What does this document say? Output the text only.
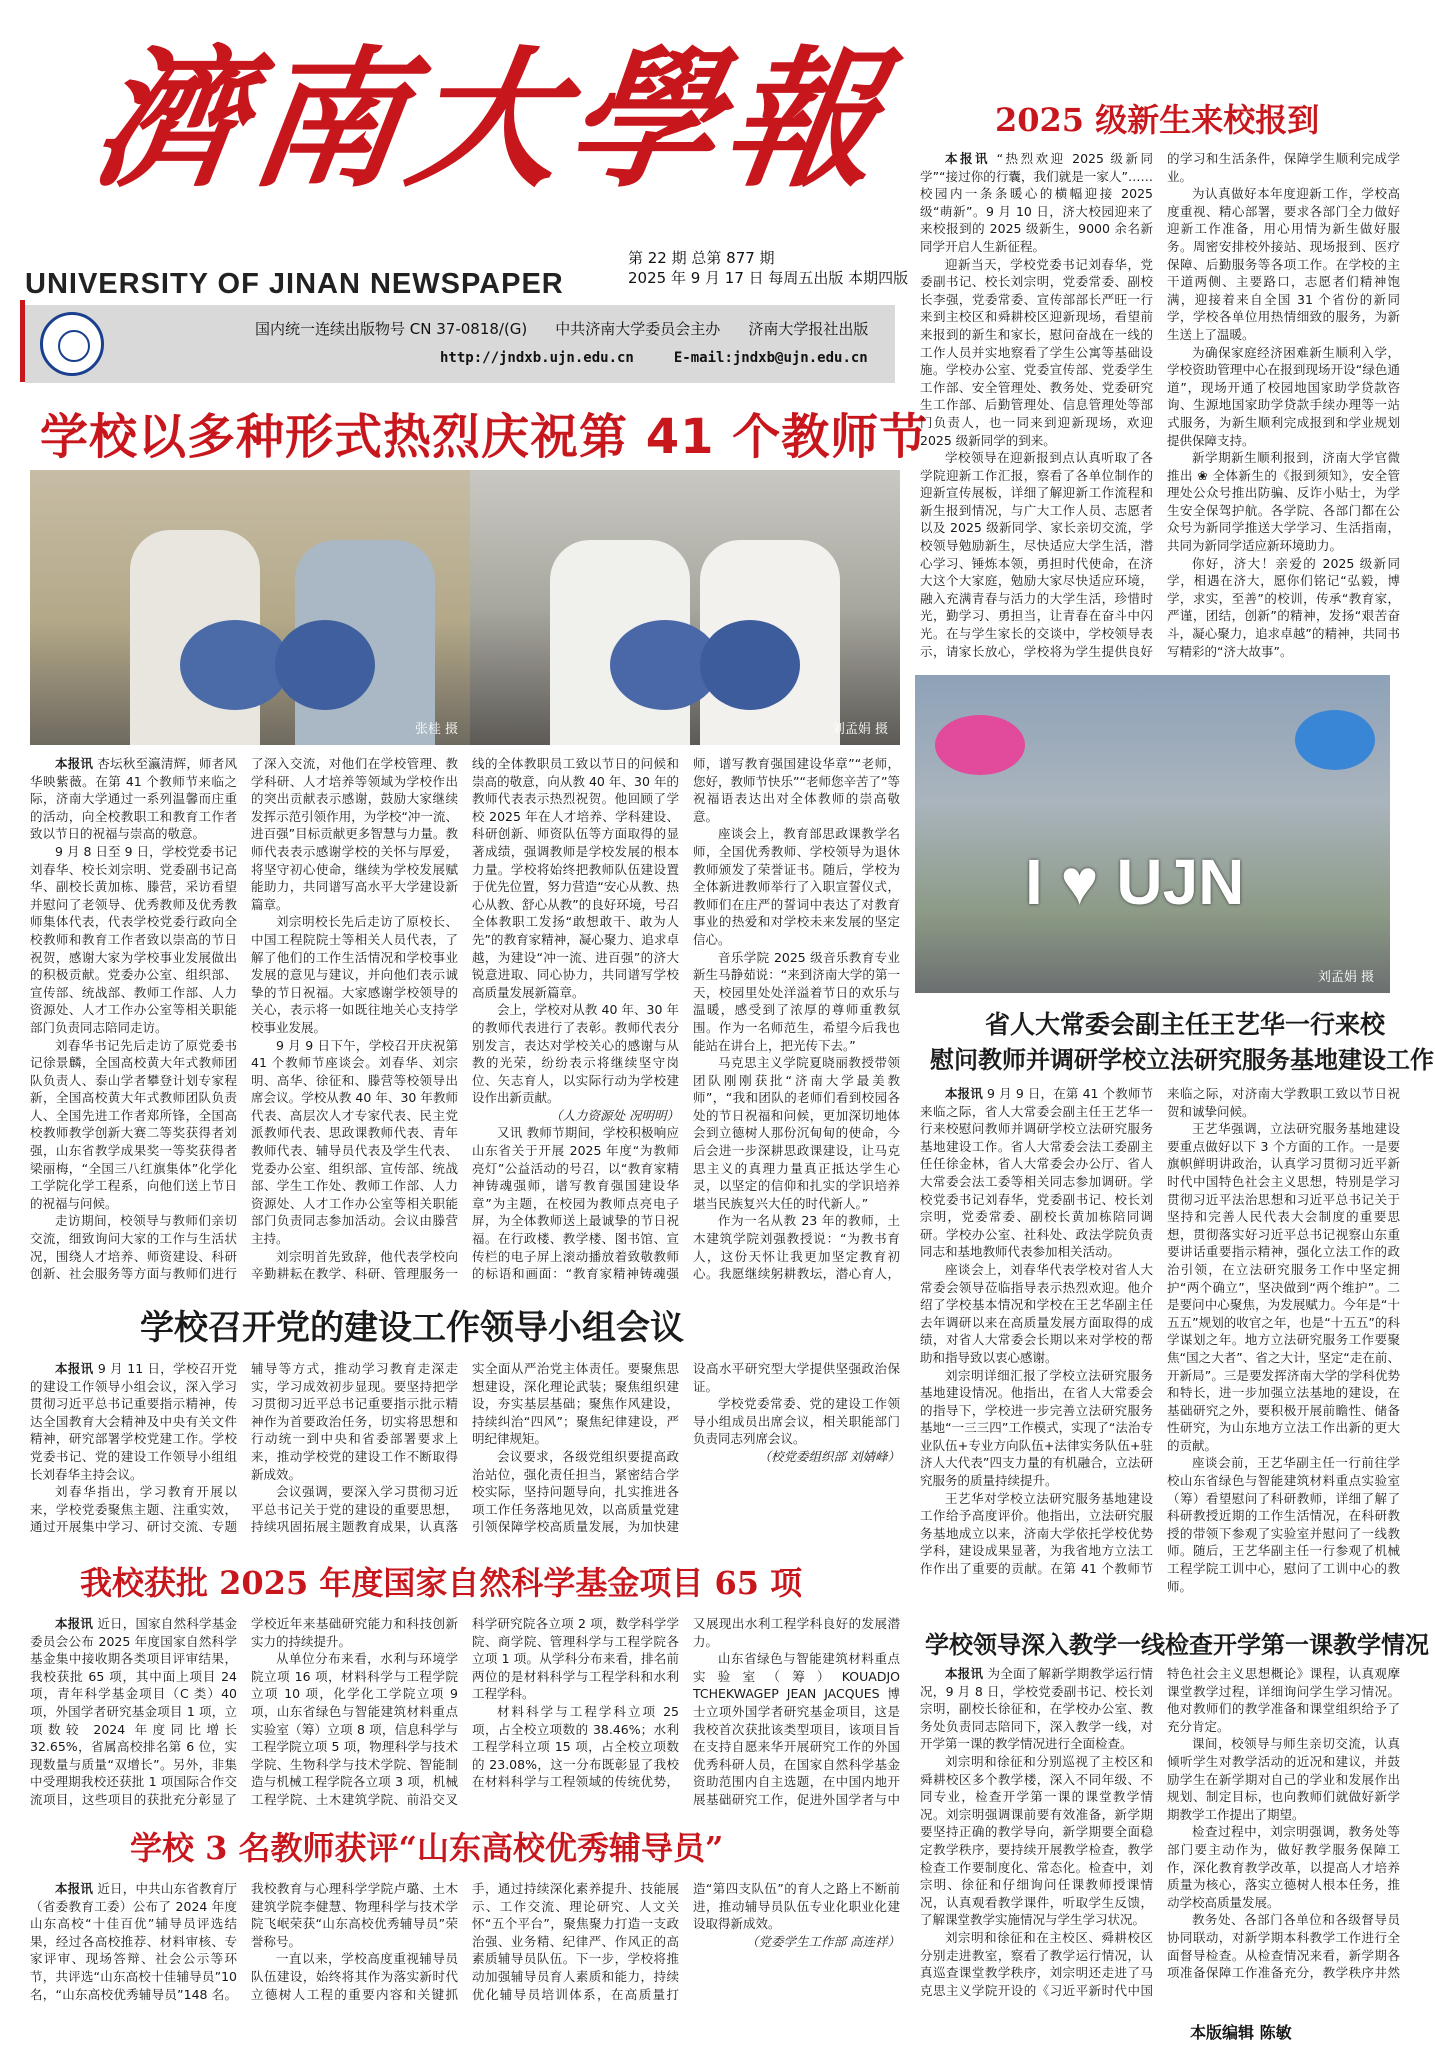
濟南大學報
UNIVERSITY OF JINAN NEWSPAPER
第 22 期 总第 877 期
2025 年 9 月 17 日 每周五出版 本期四版
国内统一连续出版物号 CN 37-0818/(G) 中共济南大学委员会主办 济南大学报社出版
http://jndxb.ujn.edu.cn	E-mail:jndxb@ujn.edu.cn
学校以多种形式热烈庆祝第 41 个教师节
张桂 摄	刘孟娟 摄
I ♥ UJN
刘孟娟 摄
2025 级新生来校报到

本报讯 “热烈欢迎 2025 级新同学”“接过你的行囊，我们就是一家人”……校园内一条条暖心的横幅迎接 2025 级“萌新”。9 月 10 日，济大校园迎来了来校报到的 2025 级新生，9000 余名新同学开启人生新征程。

迎新当天，学校党委书记刘春华，党委副书记、校长刘宗明，党委常委、副校长李强，党委常委、宣传部部长严旺一行来到主校区和舜耕校区迎新现场，看望前来报到的新生和家长，慰问奋战在一线的工作人员并实地察看了学生公寓等基础设施。学校办公室、党委宣传部、党委学生工作部、安全管理处、教务处、党委研究生工作部、后勤管理处、信息管理处等部门负责人，也一同来到迎新现场，欢迎 2025 级新同学的到来。

学校领导在迎新报到点认真听取了各学院迎新工作汇报，察看了各单位制作的迎新宣传展板，详细了解迎新工作流程和新生报到情况，与广大工作人员、志愿者以及 2025 级新同学、家长亲切交流，学校领导勉励新生，尽快适应大学生活，潜心学习、锤炼本领，勇担时代使命，在济大这个大家庭，勉励大家尽快适应环境，融入充满青春与活力的大学生活，珍惜时光，勤学习、勇担当，让青春在奋斗中闪光。在与学生家长的交谈中，学校领导表示，请家长放心，学校将为学生提供良好的学习和生活条件，保障学生顺利完成学业。

为认真做好本年度迎新工作，学校高度重视、精心部署，要求各部门全力做好迎新工作准备，用心用情为新生做好服务。周密安排校外接站、现场报到、医疗保障、后勤服务等各项工作。在学校的主干道两侧、主要路口，志愿者们精神饱满，迎接着来自全国 31 个省份的新同学，学校各单位用热情细致的服务，为新生送上了温暖。

为确保家庭经济困难新生顺利入学，学校资助管理中心在报到现场开设“绿色通道”，现场开通了校园地国家助学贷款咨询、生源地国家助学贷款手续办理等一站式服务，为新生顺利完成报到和学业规划提供保障支持。

新学期新生顺利报到，济南大学官微推出 ❀ 全体新生的《报到须知》，安全管理处公众号推出防骗、反诈小贴士，为学生安全保驾护航。各学院、各部门都在公众号为新同学推送大学学习、生活指南，共同为新同学适应新环境助力。

你好，济大！亲爱的 2025 级新同学，相遇在济大，愿你们铭记“弘毅，博学，求实，至善”的校训，传承“教育家，严谨，团结，创新”的精神，发扬“艰苦奋斗，凝心聚力，追求卓越”的精神，共同书写精彩的“济大故事”。

本报讯 杏坛秋至瀛清辉，师者风华映紫薇。在第 41 个教师节来临之际，济南大学通过一系列温馨而庄重的活动，向全校教职工和教育工作者致以节日的祝福与崇高的敬意。

9 月 8 日至 9 日，学校党委书记刘春华、校长刘宗明、党委副书记高华、副校长黄加栋、滕营，采访看望并慰问了老领导、优秀教师及优秀教师集体代表，代表学校党委行政向全校教师和教育工作者致以崇高的节日祝贺，感谢大家为学校事业发展做出的积极贡献。党委办公室、组织部、宣传部、统战部、教师工作部、人力资源处、人才工作办公室等相关职能部门负责同志陪同走访。

刘春华书记先后走访了原党委书记徐景麟，全国高校黄大年式教师团队负责人、泰山学者攀登计划专家程新，全国高校黄大年式教师团队负责人、全国先进工作者郑所锋，全国高校教师教学创新大赛二等奖获得者刘强，山东省教学成果奖一等奖获得者梁丽梅，“全国三八红旗集体”化学化工学院化学工程系，向他们送上节日的祝福与问候。

走访期间，校领导与教师们亲切交流，细致询问大家的工作与生活状况，围绕人才培养、师资建设、科研创新、社会服务等方面与教师们进行了深入交流，对他们在学校管理、教学科研、人才培养等领域为学校作出的突出贡献表示感谢，鼓励大家继续发挥示范引领作用，为学校“冲一流、进百强”目标贡献更多智慧与力量。教师代表表示感谢学校的关怀与厚爱，将坚守初心使命，继续为学校发展赋能助力，共同谱写高水平大学建设新篇章。

刘宗明校长先后走访了原校长、中国工程院院士等相关人员代表，了解了他们的工作生活情况和学校事业发展的意见与建议，并向他们表示诚挚的节日祝福。大家感谢学校领导的关心，表示将一如既往地关心支持学校事业发展。

9 月 9 日下午，学校召开庆祝第 41 个教师节座谈会。刘春华、刘宗明、高华、徐征和、滕营等校领导出席会议。学校从教 40 年、30 年教师代表、高层次人才专家代表、民主党派教师代表、思政课教师代表、青年教师代表、辅导员代表及学生代表、党委办公室、组织部、宣传部、统战部、学生工作处、教师工作部、人力资源处、人才工作办公室等相关职能部门负责同志参加活动。会议由滕营主持。

刘宗明首先致辞，他代表学校向辛勤耕耘在教学、科研、管理服务一线的全体教职员工致以节日的问候和崇高的敬意，向从教 40 年、30 年的教师代表表示热烈祝贺。他回顾了学校 2025 年在人才培养、学科建设、科研创新、师资队伍等方面取得的显著成绩，强调教师是学校发展的根本力量。学校将始终把教师队伍建设置于优先位置，努力营造“安心从教、热心从教、舒心从教”的良好环境，号召全体教职工发扬“敢想敢干、敢为人先”的教育家精神，凝心聚力、追求卓越，为建设“冲一流、进百强”的济大锐意进取、同心协力，共同谱写学校高质量发展新篇章。

会上，学校对从教 40 年、30 年的教师代表进行了表彰。教师代表分别发言，表达对学校关心的感谢与从教的光荣，纷纷表示将继续坚守岗位、矢志育人，以实际行动为学校建设作出新贡献。

（人力资源处 况明明）

又讯 教师节期间，学校积极响应山东省关于开展 2025 年度“为教师亮灯”公益活动的号召，以“教育家精神铸魂强师，谱写教育强国建设华章”为主题，在校园为教师点亮电子屏，为全体教师送上最诚挚的节日祝福。在行政楼、教学楼、图书馆、宣传栏的电子屏上滚动播放着致敬教师的标语和画面：“教育家精神铸魂强师，谱写教育强国建设华章”“老师，您好，教师节快乐”“老师您辛苦了”等祝福语表达出对全体教师的崇高敬意。

座谈会上，教育部思政课教学名师，全国优秀教师、学校领导为退休教师颁发了荣誉证书。随后，学校为全体新进教师举行了入职宣誓仪式，教师们在庄严的誓词中表达了对教育事业的热爱和对学校未来发展的坚定信心。

音乐学院 2025 级音乐教育专业新生马静茹说：“来到济南大学的第一天，校园里处处洋溢着节日的欢乐与温暖，感受到了浓厚的尊师重教氛围。作为一名师范生，希望今后我也能站在讲台上，把光传下去。”

马克思主义学院夏晓丽教授带领团队刚刚获批“济南大学最美教师”，“我和团队的老师们看到校园各处的节日祝福和问候，更加深切地体会到立德树人那份沉甸甸的使命，今后会进一步深耕思政课建设，让马克思主义的真理力量真正抵达学生心灵，以坚定的信仰和扎实的学识培养堪当民族复兴大任的时代新人。”

作为一名从教 23 年的教师，土木建筑学院刘强教授说：“为教书育人，这份天怀让我更加坚定教育初心。我愿继续躬耕教坛，潜心育人，

省人大常委会副主任王艺华一行来校
慰问教师并调研学校立法研究服务基地建设工作

本报讯 9 月 9 日，在第 41 个教师节来临之际，省人大常委会副主任王艺华一行来校慰问教师并调研学校立法研究服务基地建设工作。省人大常委会法工委副主任任徐金林，省人大常委会办公厅、省人大常委会法工委等相关同志参加调研。学校党委书记刘春华，党委副书记、校长刘宗明，党委常委、副校长黄加栋陪同调研。学校办公室、社科处、政法学院负责同志和基地教师代表参加相关活动。

座谈会上，刘春华代表学校对省人大常委会领导莅临指导表示热烈欢迎。他介绍了学校基本情况和学校在王艺华副主任去年调研以来在高质量发展方面取得的成绩，对省人大常委会长期以来对学校的帮助和指导致以衷心感谢。

刘宗明详细汇报了学校立法研究服务基地建设情况。他指出，在省人大常委会的指导下，学校进一步完善立法研究服务基地“一三三四”工作模式，实现了“法治专业队伍+专业方向队伍+法律实务队伍+驻济人大代表”四支力量的有机融合，立法研究服务的质量持续提升。

王艺华对学校立法研究服务基地建设工作给予高度评价。他指出，立法研究服务基地成立以来，济南大学依托学校优势学科，建设成果显著，为我省地方立法工作作出了重要的贡献。在第 41 个教师节来临之际，对济南大学教职工致以节日祝贺和诚挚问候。

王艺华强调，立法研究服务基地建设要重点做好以下 3 个方面的工作。一是要旗帜鲜明讲政治，认真学习贯彻习近平新时代中国特色社会主义思想，特别是学习贯彻习近平法治思想和习近平总书记关于坚持和完善人民代表大会制度的重要思想，贯彻落实好习近平总书记视察山东重要讲话重要指示精神，强化立法工作的政治引领，在立法研究服务工作中坚定拥护“两个确立”，坚决做到“两个维护”。二是要问中心聚焦，为发展赋力。今年是“十五五”规划的收官之年，也是“十五五”的科学谋划之年。地方立法研究服务工作要聚焦“国之大者”、省之大计，坚定“走在前、开新局”。三是要发挥济南大学的学科优势和特长，进一步加强立法基地的建设，在基础研究之外，要积极开展前瞻性、储备性研究，为山东地方立法工作出新的更大的贡献。

座谈会前，王艺华副主任一行前往学校山东省绿色与智能建筑材料重点实验室（筹）看望慰问了科研教师，详细了解了科研教授近期的工作生活情况，在科研教授的带领下参观了实验室并慰问了一线教师。随后，王艺华副主任一行参观了机械工程学院工训中心，慰问了工训中心的教师。

学校召开党的建设工作领导小组会议

本报讯 9 月 11 日，学校召开党的建设工作领导小组会议，深入学习贯彻习近平总书记重要指示精神，传达全国教育大会精神及中央有关文件精神，研究部署学校党建工作。学校党委书记、党的建设工作领导小组组长刘春华主持会议。

刘春华指出，学习教育开展以来，学校党委聚焦主题、注重实效，通过开展集中学习、研讨交流、专题辅导等方式，推动学习教育走深走实，学习成效初步显现。要坚持把学习贯彻习近平总书记重要指示批示精神作为首要政治任务，切实将思想和行动统一到中央和省委部署要求上来，推动学校党的建设工作不断取得新成效。

会议强调，要深入学习贯彻习近平总书记关于党的建设的重要思想，持续巩固拓展主题教育成果，认真落实全面从严治党主体责任。要聚焦思想建设，深化理论武装；聚焦组织建设，夯实基层基础；聚焦作风建设，持续纠治“四风”；聚焦纪律建设，严明纪律规矩。

会议要求，各级党组织要提高政治站位，强化责任担当，紧密结合学校实际，坚持问题导向，扎实推进各项工作任务落地见效，以高质量党建引领保障学校高质量发展，为加快建设高水平研究型大学提供坚强政治保证。

学校党委常委、党的建设工作领导小组成员出席会议，相关职能部门负责同志列席会议。

（校党委组织部 刘婧峰）
我校获批 2025 年度国家自然科学基金项目 65 项

本报讯 近日，国家自然科学基金委员会公布 2025 年度国家自然科学基金集中接收期各类项目评审结果，我校获批 65 项，其中面上项目 24 项，青年科学基金项目（C 类）40 项，外国学者研究基金项目 1 项，立项数较 2024 年度同比增长 32.65%，省属高校排名第 6 位，实现数量与质量“双增长”。另外，非集中受理期我校还获批 1 项国际合作交流项目，这些项目的获批充分彰显了学校近年来基础研究能力和科技创新实力的持续提升。

从单位分布来看，水利与环境学院立项 16 项，材料科学与工程学院立项 10 项，化学化工学院立项 9 项，山东省绿色与智能建筑材料重点实验室（筹）立项 8 项，信息科学与工程学院立项 5 项，物理科学与技术学院、生物科学与技术学院、智能制造与机械工程学院各立项 3 项，机械工程学院、土木建筑学院、前沿交叉科学研究院各立项 2 项，数学科学学院、商学院、管理科学与工程学院各立项 1 项。从学科分布来看，排名前两位的是材料科学与工程学科和水利工程学科。

材料科学与工程学科立项 25 项，占全校立项数的 38.46%；水利工程学科立项 15 项，占全校立项数的 23.08%，这一分布既彰显了我校在材料科学与工程领域的传统优势，又展现出水利工程学科良好的发展潜力。

山东省绿色与智能建筑材料重点实验室（筹）KOUADJO TCHEKWAGEP JEAN JACQUES 博士立项外国学者研究基金项目，这是我校首次获批该类型项目，该项目旨在支持自愿来华开展研究工作的外国优秀科研人员，在国家自然科学基金资助范围内自主选题，在中国内地开展基础研究工作，促进外国学者与中

学校 3 名教师获评“山东高校优秀辅导员”

本报讯 近日，中共山东省教育厅（省委教育工委）公布了 2024 年度山东高校“十佳百优”辅导员评选结果，经过各高校推荐、材料审核、专家评审、现场答辩、社会公示等环节，共评选“山东高校十佳辅导员”10 名，“山东高校优秀辅导员”148 名。我校教育与心理科学学院卢璐、土木建筑学院李健慧、物理科学与技术学院飞岷荣获“山东高校优秀辅导员”荣誉称号。

一直以来，学校高度重视辅导员队伍建设，始终将其作为落实新时代立德树人工程的重要内容和关键抓手，通过持续深化素养提升、技能展示、工作交流、理论研究、人文关怀“五个平台”，聚焦聚力打造一支政治强、业务精、纪律严、作风正的高素质辅导员队伍。下一步，学校将推动加强辅导员育人素质和能力，持续优化辅导员培训体系，在高质量打造“第四支队伍”的育人之路上不断前进，推动辅导员队伍专业化职业化建设取得新成效。

（党委学生工作部 高连祥）
学校领导深入教学一线检查开学第一课教学情况

本报讯 为全面了解新学期教学运行情况，9 月 8 日，学校党委副书记、校长刘宗明，副校长徐征和，在学校办公室、教务处负责同志陪同下，深入教学一线，对开学第一课的教学情况进行全面检查。

刘宗明和徐征和分别巡视了主校区和舜耕校区多个教学楼，深入不同年级、不同专业，检查开学第一课的课堂教学情况。刘宗明强调课前要有效准备，新学期要坚持正确的教学导向，新学期要全面稳定教学秩序，要持续开展教学检查，教学检查工作要制度化、常态化。检查中，刘宗明、徐征和仔细询问任课教师授课情况，认真观看教学课件，听取学生反馈，了解课堂教学实施情况与学生学习状况。

刘宗明和徐征和在主校区、舜耕校区分别走进教室，察看了教学运行情况，认真巡查课堂教学秩序，刘宗明还走进了马克思主义学院开设的《习近平新时代中国特色社会主义思想概论》课程，认真观摩课堂教学过程，详细询问学生学习情况。他对教师们的教学准备和课堂组织给予了充分肯定。

课间，校领导与师生亲切交流，认真倾听学生对教学活动的近况和建议，并鼓励学生在新学期对自己的学业和发展作出规划、制定目标，也向教师们就做好新学期教学工作提出了期望。

检查过程中，刘宗明强调，教务处等部门要主动作为，做好教学服务保障工作，深化教育教学改革，以提高人才培养质量为核心，落实立德树人根本任务，推动学校高质量发展。

教务处、各部门各单位和各级督导员协同联动，对新学期本科教学工作进行全面督导检查。从检查情况来看，新学期各项准备保障工作准备充分，教学秩序井然

本版编辑 陈敏
